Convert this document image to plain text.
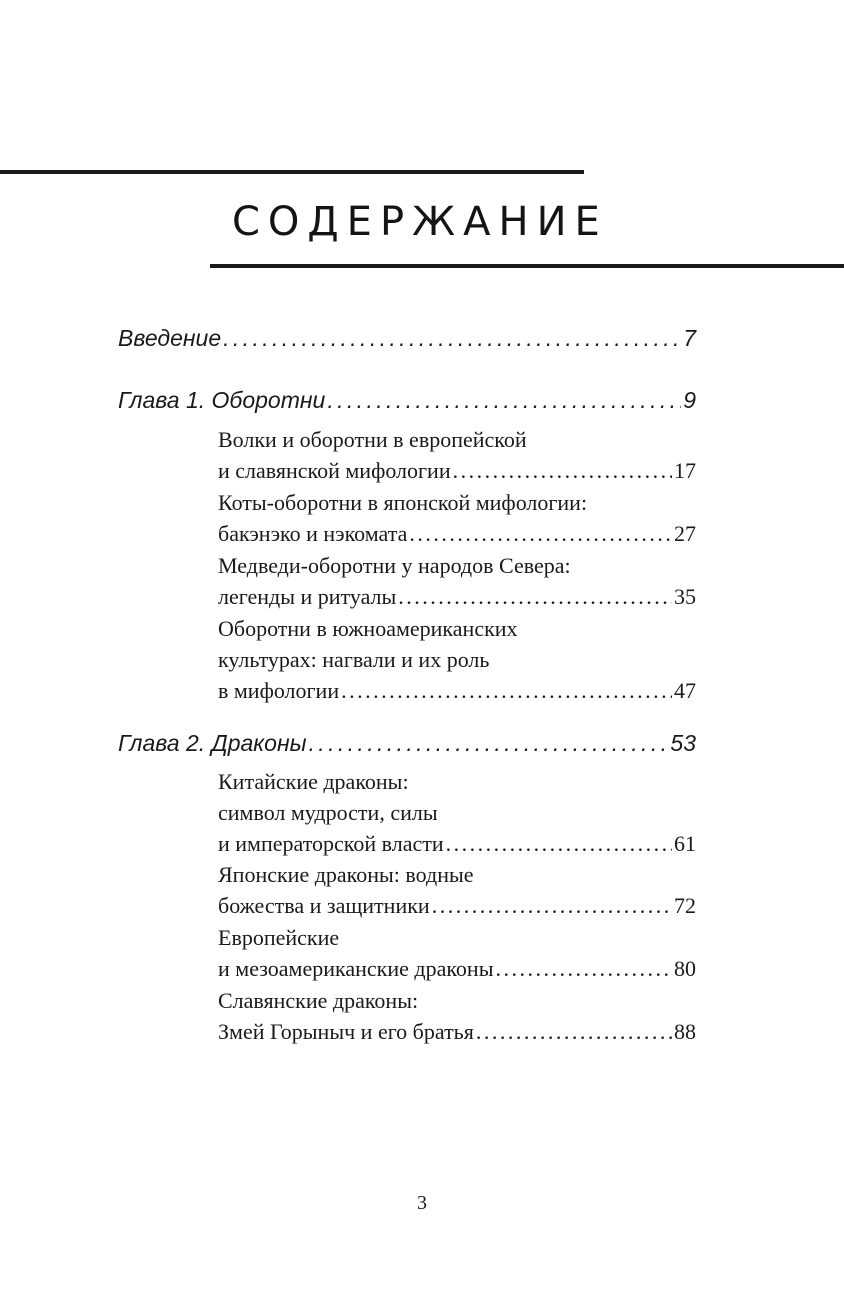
СОДЕРЖАНИЕ
Введение . . .	7
Глава 1. Оборотни . . .	9
Волки и оборотни в европейской
и славянской мифологии . . .	17
Коты-оборотни в японской мифологии:
бакэнэко и нэкомата . . .	27
Медведи-оборотни у народов Севера:
легенды и ритуалы . . .	35
Оборотни в южноамериканских
культурах: нагвали и их роль
в мифологии . . .	47
Глава 2. Драконы . . .	53
Китайские драконы:
символ мудрости, силы
и императорской власти . . .	61
Японские драконы: водные
божества и защитники . . .	72
Европейские
и мезоамериканские драконы . . .	80
Славянские драконы:
Змей Горыныч и его братья . . .	88
3
